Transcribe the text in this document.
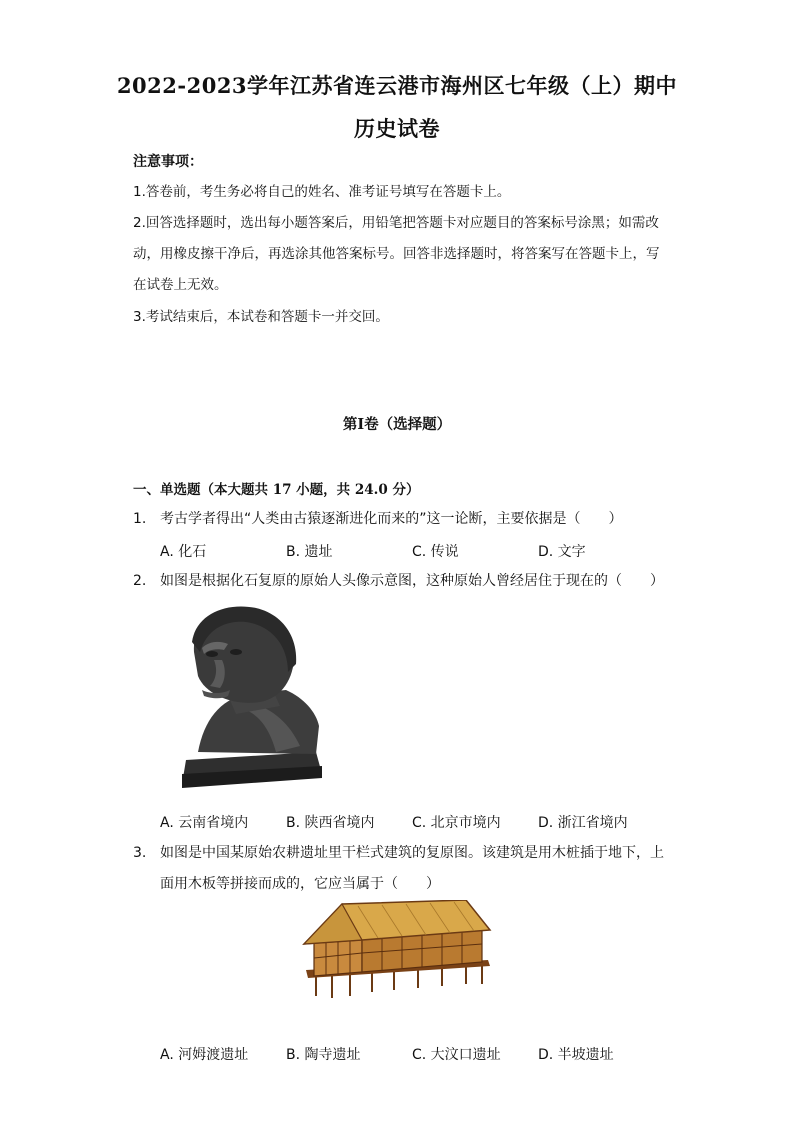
2022-2023学年江苏省连云港市海州区七年级（上）期中
历史试卷
注意事项：
1.答卷前，考生务必将自己的姓名、准考证号填写在答题卡上。
2.回答选择题时，选出每小题答案后，用铅笔把答题卡对应题目的答案标号涂黑；如需改动，用橡皮擦干净后，再选涂其他答案标号。回答非选择题时，将答案写在答题卡上，写在试卷上无效。
3.考试结束后，本试卷和答题卡一并交回。
第Ⅰ卷（选择题）
一、单选题（本大题共 17 小题，共 24.0 分）
1. 考古学者得出“人类由古猿逐渐进化而来的”这一论断，主要依据是（　　）
A. 化石	B. 遗址	C. 传说	D. 文字
2. 如图是根据化石复原的原始人头像示意图，这种原始人曾经居住于现在的（　　）
A. 云南省境内	B. 陕西省境内	C. 北京市境内	D. 浙江省境内
3. 如图是中国某原始农耕遗址里干栏式建筑的复原图。该建筑是用木桩插于地下，上面用木板等拼接而成的，它应当属于（　　）
A. 河姆渡遗址	B. 陶寺遗址	C. 大汶口遗址	D. 半坡遗址
